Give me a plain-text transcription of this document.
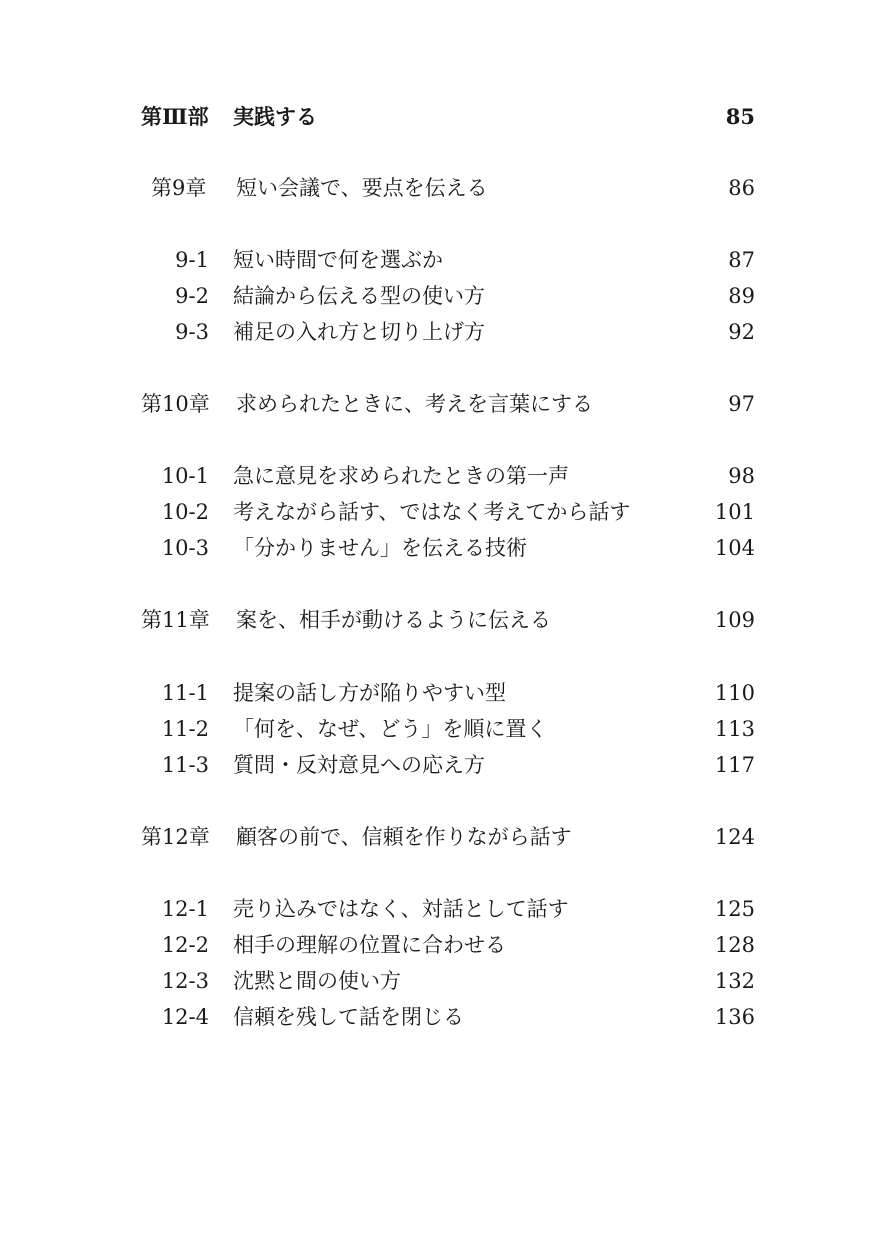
第Ⅲ部 実践する	85
第9章 短い会議で、要点を伝える	86
9-1 短い時間で何を選ぶか	87
9-2 結論から伝える型の使い方	89
9-3 補足の入れ方と切り上げ方	92
第10章 求められたときに、考えを言葉にする	97
10-1 急に意見を求められたときの第一声	98
10-2 考えながら話す、ではなく考えてから話す	101
10-3 「分かりません」を伝える技術	104
第11章 案を、相手が動けるように伝える	109
11-1 提案の話し方が陥りやすい型	110
11-2 「何を、なぜ、どう」を順に置く	113
11-3 質問・反対意見への応え方	117
第12章 顧客の前で、信頼を作りながら話す	124
12-1 売り込みではなく、対話として話す	125
12-2 相手の理解の位置に合わせる	128
12-3 沈黙と間の使い方	132
12-4 信頼を残して話を閉じる	136
